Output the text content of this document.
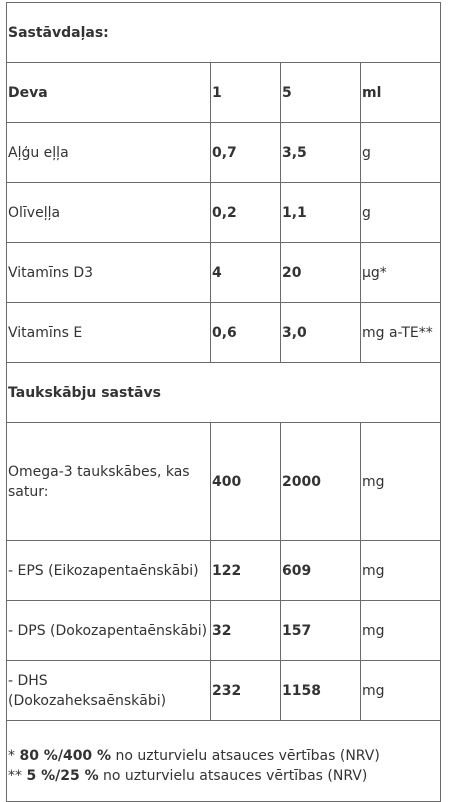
Sastāvdaļas:			
Deva	1	5	ml
Aļģu eļļa	0,7	3,5	g
Olīveļļa	0,2	1,1	g
Vitamīns D3	4	20	µg*
Vitamīns E	0,6	3,0	mg a-TE**
Taukskābju sastāvs			
Omega-3 taukskābes, kas satur:	400	2000	mg
- EPS (Eikozapentaēnskābi)	122	609	mg
- DPS (Dokozapentaēnskābi)	32	157	mg
- DHS (Dokozaheksaēnskābi)	232	1158	mg

* 80 %/400 % no uzturvielu atsauces vērtības (NRV)
** 5 %/25 % no uzturvielu atsauces vērtības (NRV)			
